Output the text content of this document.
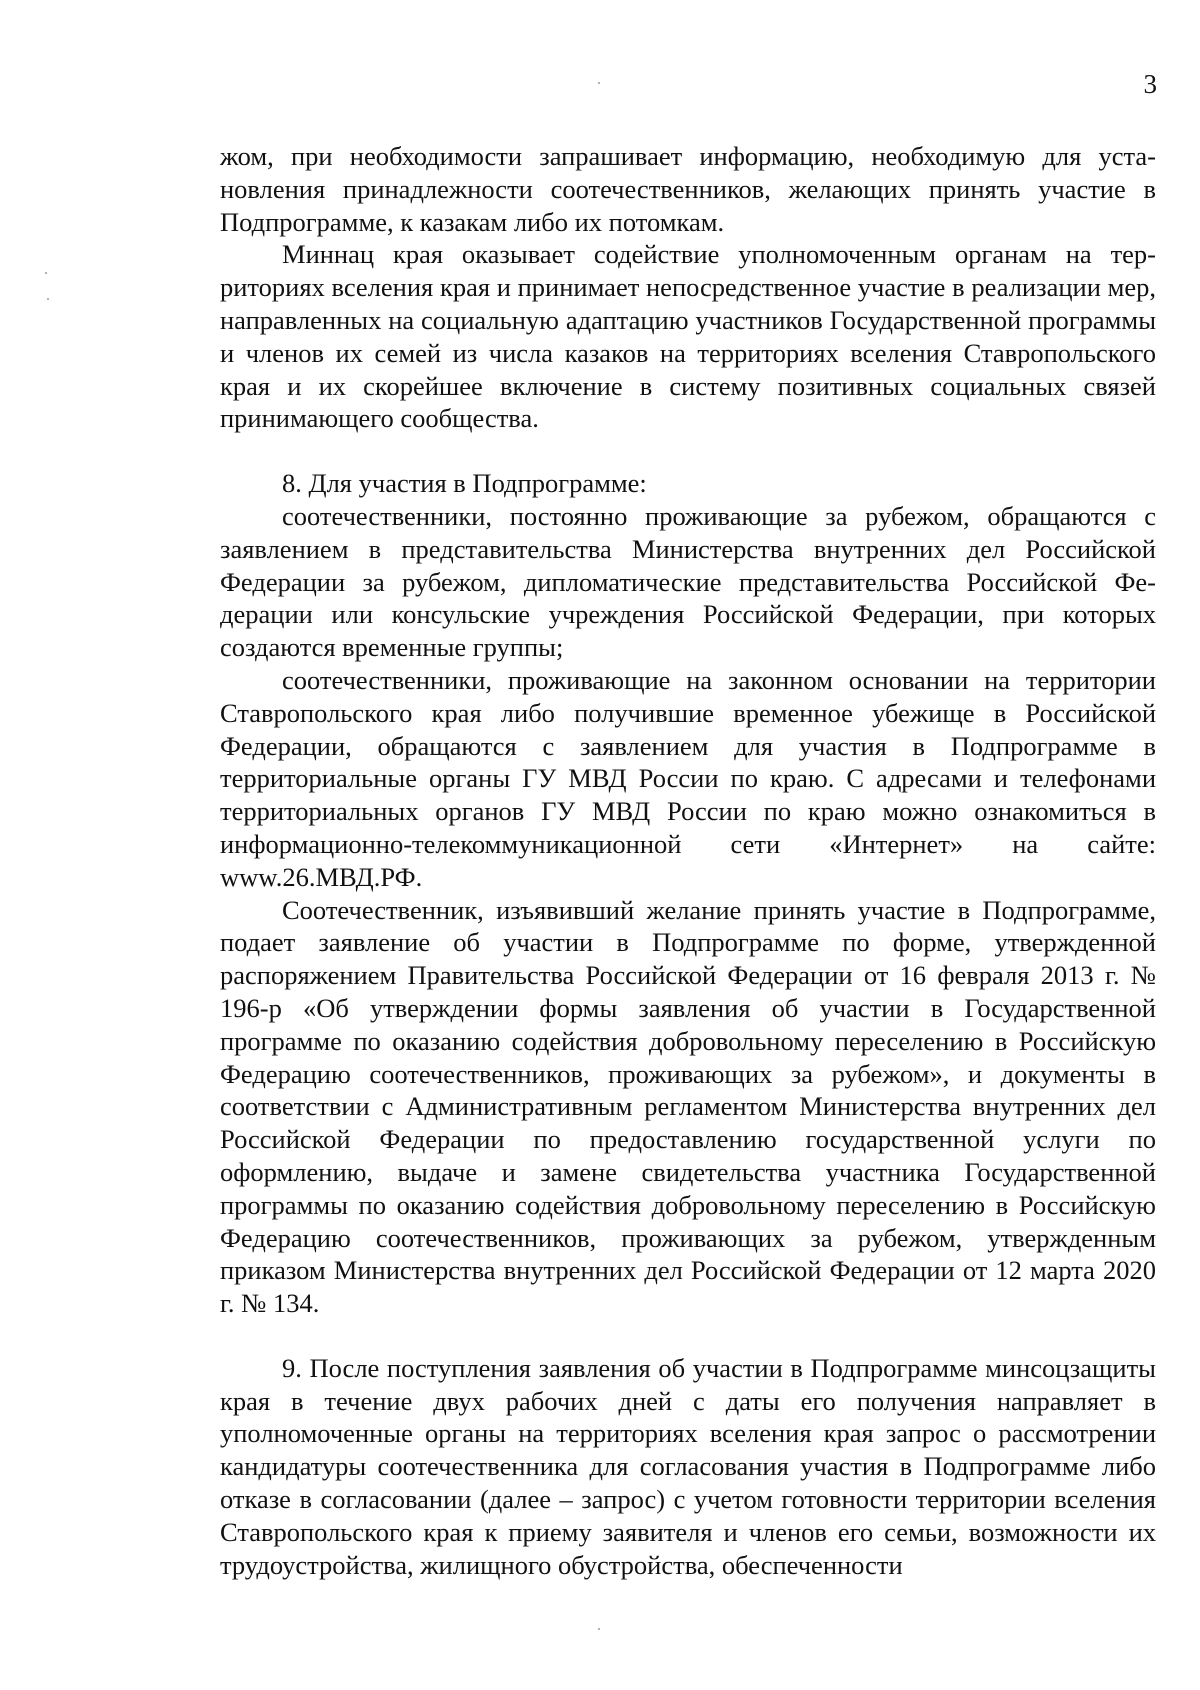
3

жом, при необходимости запрашивает информацию, необходимую для установления принадлежности соотечественников, желающих принять участие в Подпрограмме, к казакам либо их потомкам.

Миннац края оказывает содействие уполномоченным органам на территориях вселения края и принимает непосредственное участие в реализации мер, направленных на социальную адаптацию участников Государственной программы и членов их семей из числа казаков на территориях вселения Ставропольского края и их скорейшее включение в систему позитивных социальных связей принимающего сообщества.

8. Для участия в Подпрограмме:

соотечественники, постоянно проживающие за рубежом, обращаются с заявлением в представительства Министерства внутренних дел Российской Федерации за рубежом, дипломатические представительства Российской Федерации или консульские учреждения Российской Федерации, при которых создаются временные группы;

соотечественники, проживающие на законном основании на территории Ставропольского края либо получившие временное убежище в Российской Федерации, обращаются с заявлением для участия в Подпрограмме в территориальные органы ГУ МВД России по краю. С адресами и телефонами территориальных органов ГУ МВД России по краю можно ознакомиться в информационно-телекоммуникационной сети «Интернет» на сайте: www.26.МВД.РФ.

Соотечественник, изъявивший желание принять участие в Подпрограмме, подает заявление об участии в Подпрограмме по форме, утвержденной распоряжением Правительства Российской Федерации от 16 февраля 2013 г. № 196-р «Об утверждении формы заявления об участии в Государственной программе по оказанию содействия добровольному переселению в Российскую Федерацию соотечественников, проживающих за рубежом», и документы в соответствии с Административным регламентом Министерства внутренних дел Российской Федерации по предоставлению государственной услуги по оформлению, выдаче и замене свидетельства участника Государственной программы по оказанию содействия добровольному переселению в Российскую Федерацию соотечественников, проживающих за рубежом, утвержденным приказом Министерства внутренних дел Российской Федерации от 12 марта 2020 г. № 134.

9. После поступления заявления об участии в Подпрограмме минсоцзащиты края в течение двух рабочих дней с даты его получения направляет в уполномоченные органы на территориях вселения края запрос о рассмотрении кандидатуры соотечественника для согласования участия в Подпрограмме либо отказе в согласовании (далее – запрос) с учетом готовности территории вселения Ставропольского края к приему заявителя и членов его семьи, возможности их трудоустройства, жилищного обустройства, обеспеченности
